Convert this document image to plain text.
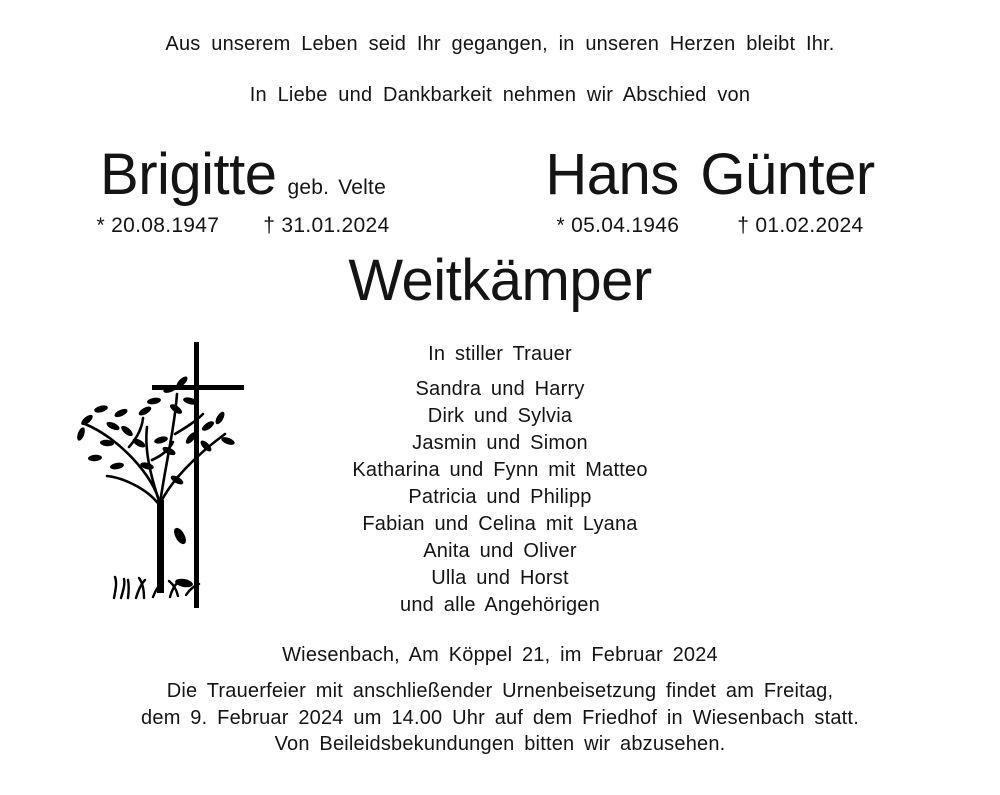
Aus unserem Leben seid Ihr gegangen, in unseren Herzen bleibt Ihr.
In Liebe und Dankbarkeit nehmen wir Abschied von
Brigitte geb. Velte
* 20.08.1947 † 31.01.2024
Hans Günter
* 05.04.1946	† 01.02.2024
Weitkämper
In stiller Trauer
Sandra und Harry
Dirk und Sylvia
Jasmin und Simon
Katharina und Fynn mit Matteo
Patricia und Philipp
Fabian und Celina mit Lyana
Anita und Oliver
Ulla und Horst
und alle Angehörigen
Wiesenbach, Am Köppel 21, im Februar 2024
Die Trauerfeier mit anschließender Urnenbeisetzung findet am Freitag,
dem 9. Februar 2024 um 14.00 Uhr auf dem Friedhof in Wiesenbach statt.
Von Beileidsbekundungen bitten wir abzusehen.
